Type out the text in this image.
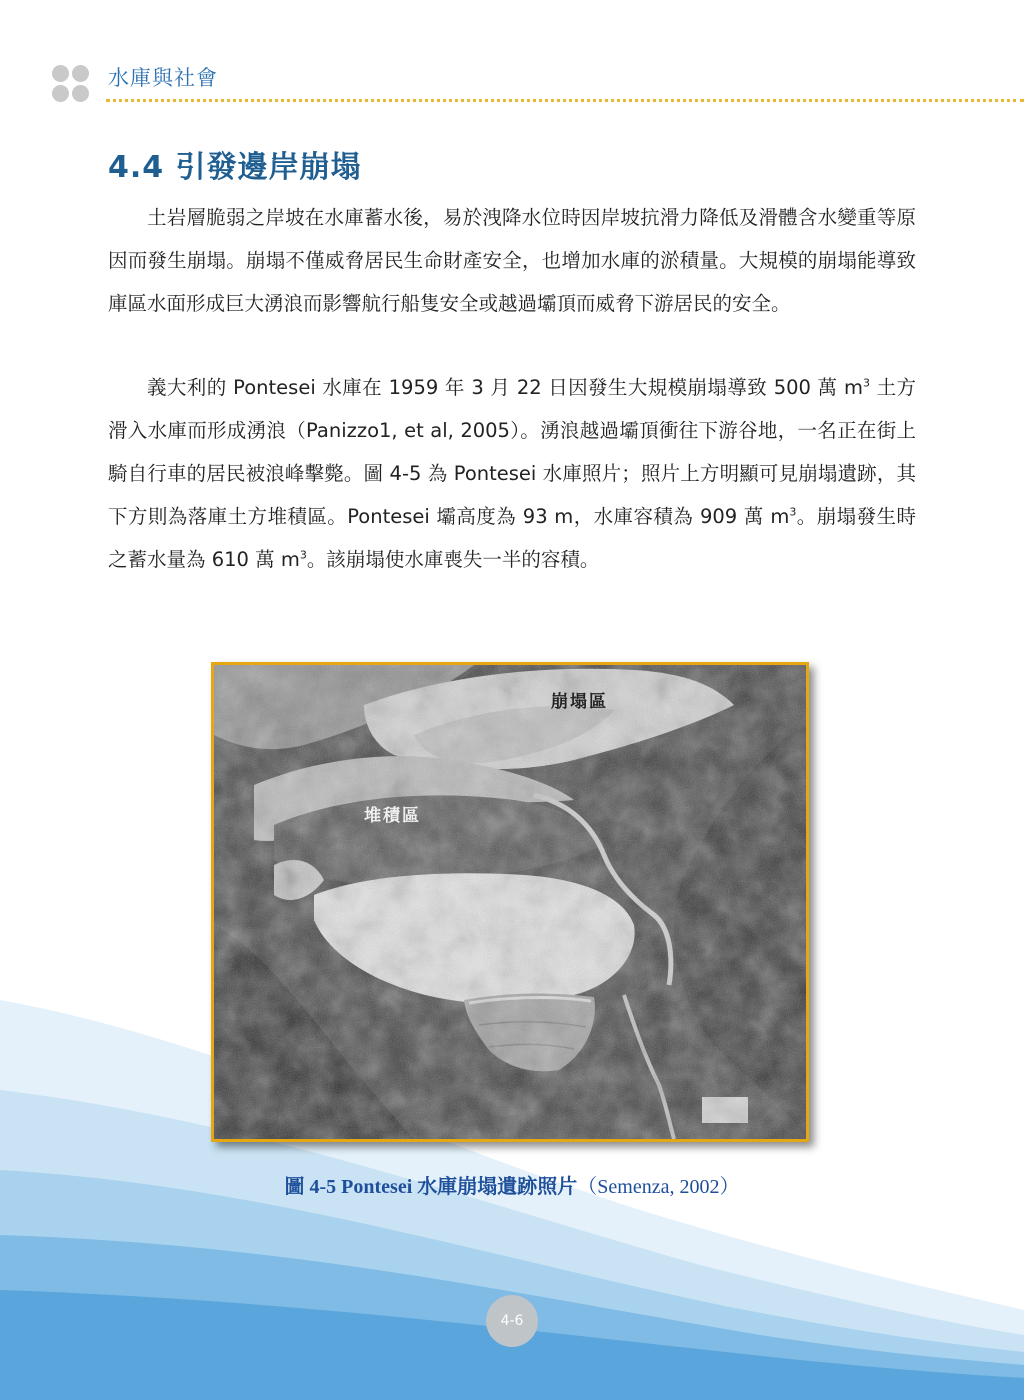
水庫與社會
4.4 引發邊岸崩塌

土岩層脆弱之岸坡在水庫蓄水後，易於洩降水位時因岸坡抗滑力降低及滑體含水變重等原因而發生崩塌。崩塌不僅威脅居民生命財產安全，也增加水庫的淤積量。大規模的崩塌能導致庫區水面形成巨大湧浪而影響航行船隻安全或越過壩頂而威脅下游居民的安全。

義大利的 Pontesei 水庫在 1959 年 3 月 22 日因發生大規模崩塌導致 500 萬 $m^3$ 土方滑入水庫而形成湧浪（Panizzo1, et al, 2005）。湧浪越過壩頂衝往下游谷地，一名正在街上騎自行車的居民被浪峰擊斃。圖 4-5 為 Pontesei 水庫照片；照片上方明顯可見崩塌遺跡，其下方則為落庫土方堆積區。Pontesei 壩高度為 93 m，水庫容積為 909 萬 $m^3$。崩塌發生時之蓄水量為 610 萬 $m^3$。該崩塌使水庫喪失一半的容積。

崩塌區
堆積區
圖 4-5 Pontesei 水庫崩塌遺跡照片（Semenza, 2002）
4-6
